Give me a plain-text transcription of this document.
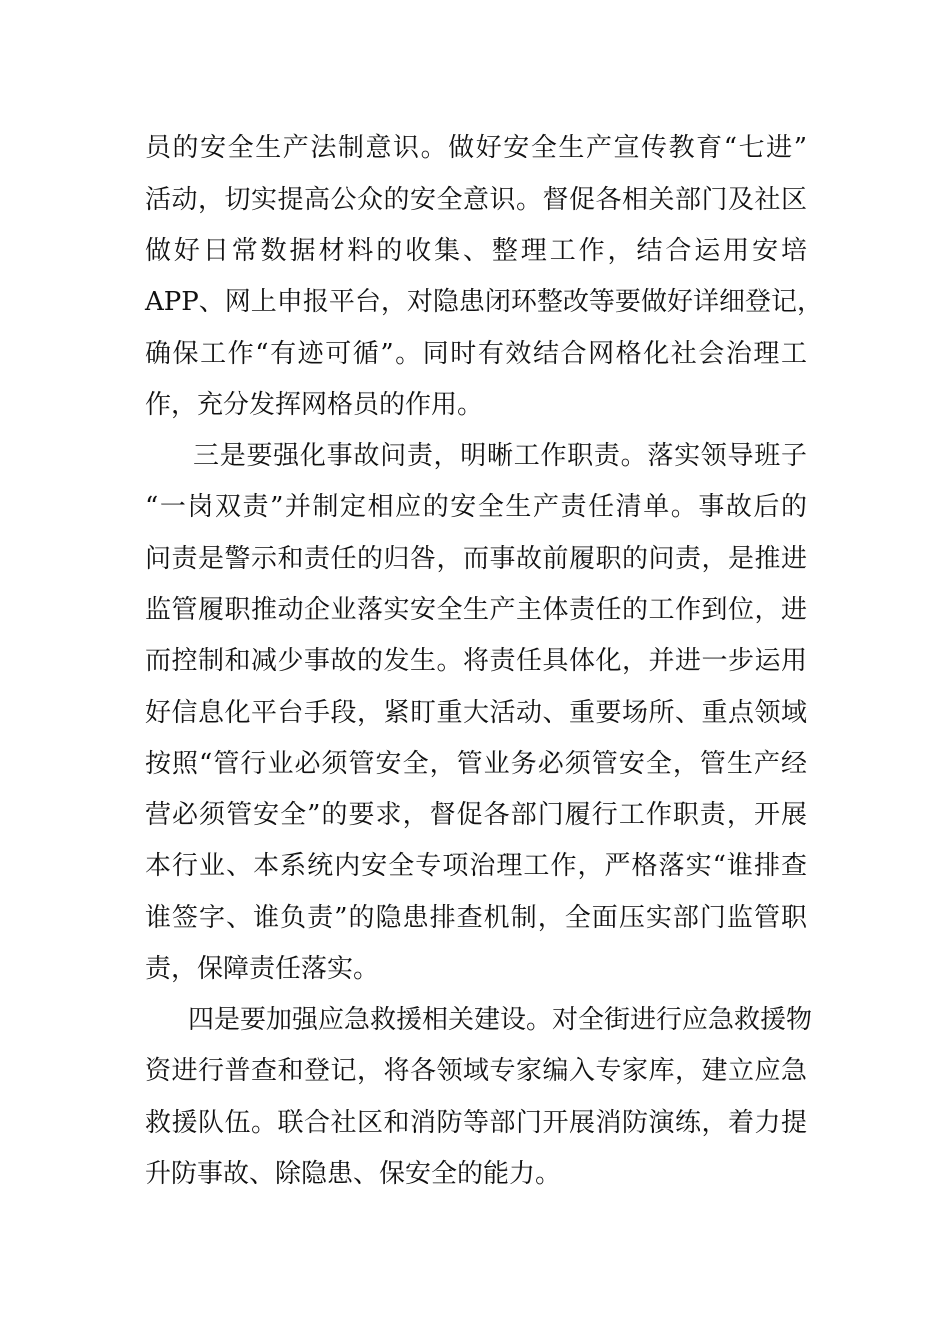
员的安全生产法制意识。做好安全生产宣传教育“七进”
活动，切实提高公众的安全意识。督促各相关部门及社区
做好日常数据材料的收集、整理工作，结合运用安培
APP、网上申报平台，对隐患闭环整改等要做好详细登记，
确保工作“有迹可循”。同时有效结合网格化社会治理工
作，充分发挥网格员的作用。
三是要强化事故问责，明晰工作职责。落实领导班子
“一岗双责”并制定相应的安全生产责任清单。事故后的
问责是警示和责任的归咎，而事故前履职的问责，是推进
监管履职推动企业落实安全生产主体责任的工作到位，进
而控制和减少事故的发生。将责任具体化，并进一步运用
好信息化平台手段，紧盯重大活动、重要场所、重点领域
按照“管行业必须管安全，管业务必须管安全，管生产经
营必须管安全”的要求，督促各部门履行工作职责，开展
本行业、本系统内安全专项治理工作，严格落实“谁排查
谁签字、谁负责”的隐患排查机制，全面压实部门监管职
责，保障责任落实。
四是要加强应急救援相关建设。对全街进行应急救援物
资进行普查和登记，将各领域专家编入专家库，建立应急
救援队伍。联合社区和消防等部门开展消防演练，着力提
升防事故、除隐患、保安全的能力。
